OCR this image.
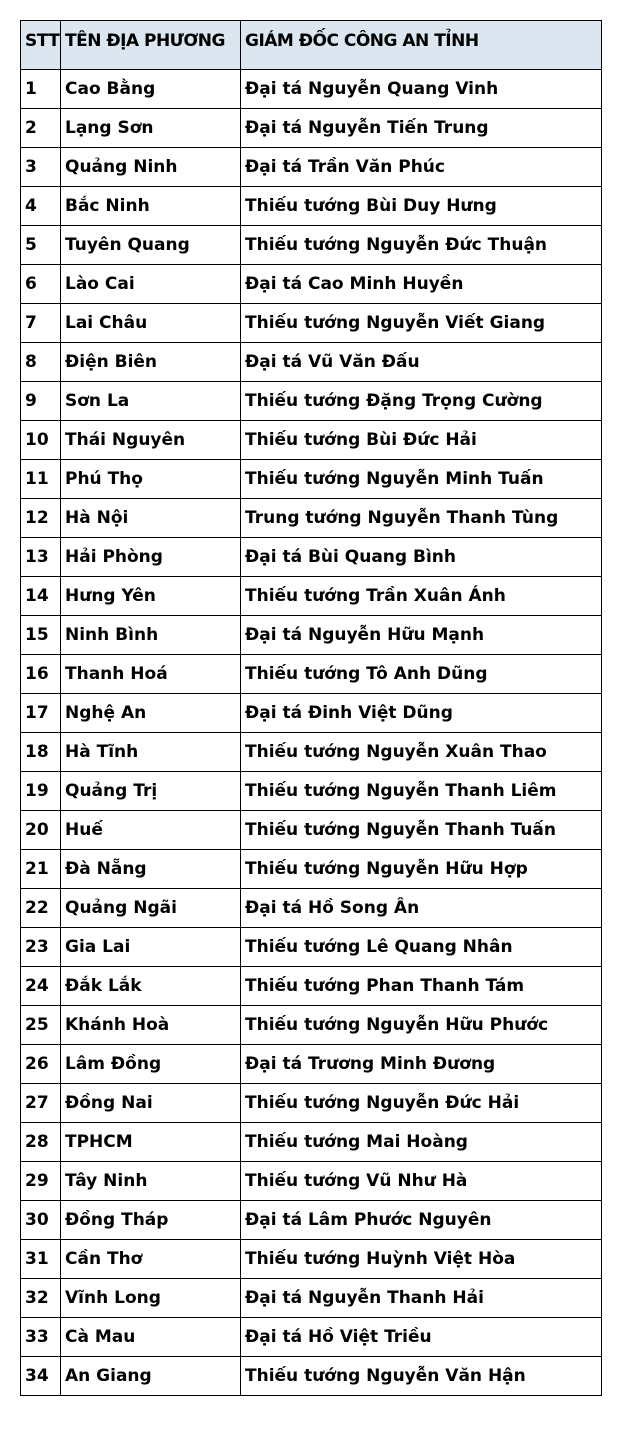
STT	TÊN ĐỊA PHƯƠNG	GIÁM ĐỐC CÔNG AN TỈNH
1	Cao Bằng	Đại tá Nguyễn Quang Vinh
2	Lạng Sơn	Đại tá Nguyễn Tiến Trung
3	Quảng Ninh	Đại tá Trần Văn Phúc
4	Bắc Ninh	Thiếu tướng Bùi Duy Hưng
5	Tuyên Quang	Thiếu tướng Nguyễn Đức Thuận
6	Lào Cai	Đại tá Cao Minh Huyền
7	Lai Châu	Thiếu tướng Nguyễn Viết Giang
8	Điện Biên	Đại tá Vũ Văn Đấu
9	Sơn La	Thiếu tướng Đặng Trọng Cường
10	Thái Nguyên	Thiếu tướng Bùi Đức Hải
11	Phú Thọ	Thiếu tướng Nguyễn Minh Tuấn
12	Hà Nội	Trung tướng Nguyễn Thanh Tùng
13	Hải Phòng	Đại tá Bùi Quang Bình
14	Hưng Yên	Thiếu tướng Trần Xuân Ánh
15	Ninh Bình	Đại tá Nguyễn Hữu Mạnh
16	Thanh Hoá	Thiếu tướng Tô Anh Dũng
17	Nghệ An	Đại tá Đinh Việt Dũng
18	Hà Tĩnh	Thiếu tướng Nguyễn Xuân Thao
19	Quảng Trị	Thiếu tướng Nguyễn Thanh Liêm
20	Huế	Thiếu tướng Nguyễn Thanh Tuấn
21	Đà Nẵng	Thiếu tướng Nguyễn Hữu Hợp
22	Quảng Ngãi	Đại tá Hồ Song Ân
23	Gia Lai	Thiếu tướng Lê Quang Nhân
24	Đắk Lắk	Thiếu tướng Phan Thanh Tám
25	Khánh Hoà	Thiếu tướng Nguyễn Hữu Phước
26	Lâm Đồng	Đại tá Trương Minh Đương
27	Đồng Nai	Thiếu tướng Nguyễn Đức Hải
28	TPHCM	Thiếu tướng Mai Hoàng
29	Tây Ninh	Thiếu tướng Vũ Như Hà
30	Đồng Tháp	Đại tá Lâm Phước Nguyên
31	Cần Thơ	Thiếu tướng Huỳnh Việt Hòa
32	Vĩnh Long	Đại tá Nguyễn Thanh Hải
33	Cà Mau	Đại tá Hồ Việt Triều
34	An Giang	Thiếu tướng Nguyễn Văn Hận
